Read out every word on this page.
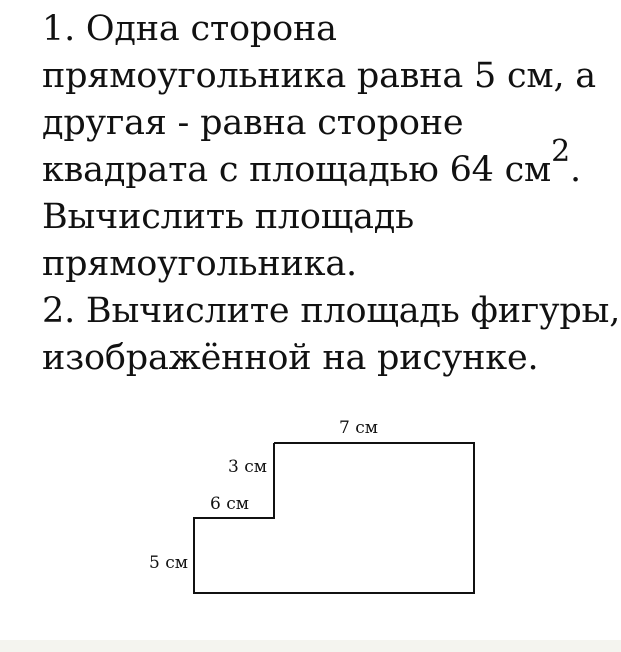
1. Одна сторона
прямоугольника равна 5 см, а
другая - равна стороне
квадрата с площадью 64 см2.
Вычислить площадь
прямоугольника.
2. Вычислите площадь фигуры,
изображённой на рисунке.
7 см
3 см
6 см
5 см
